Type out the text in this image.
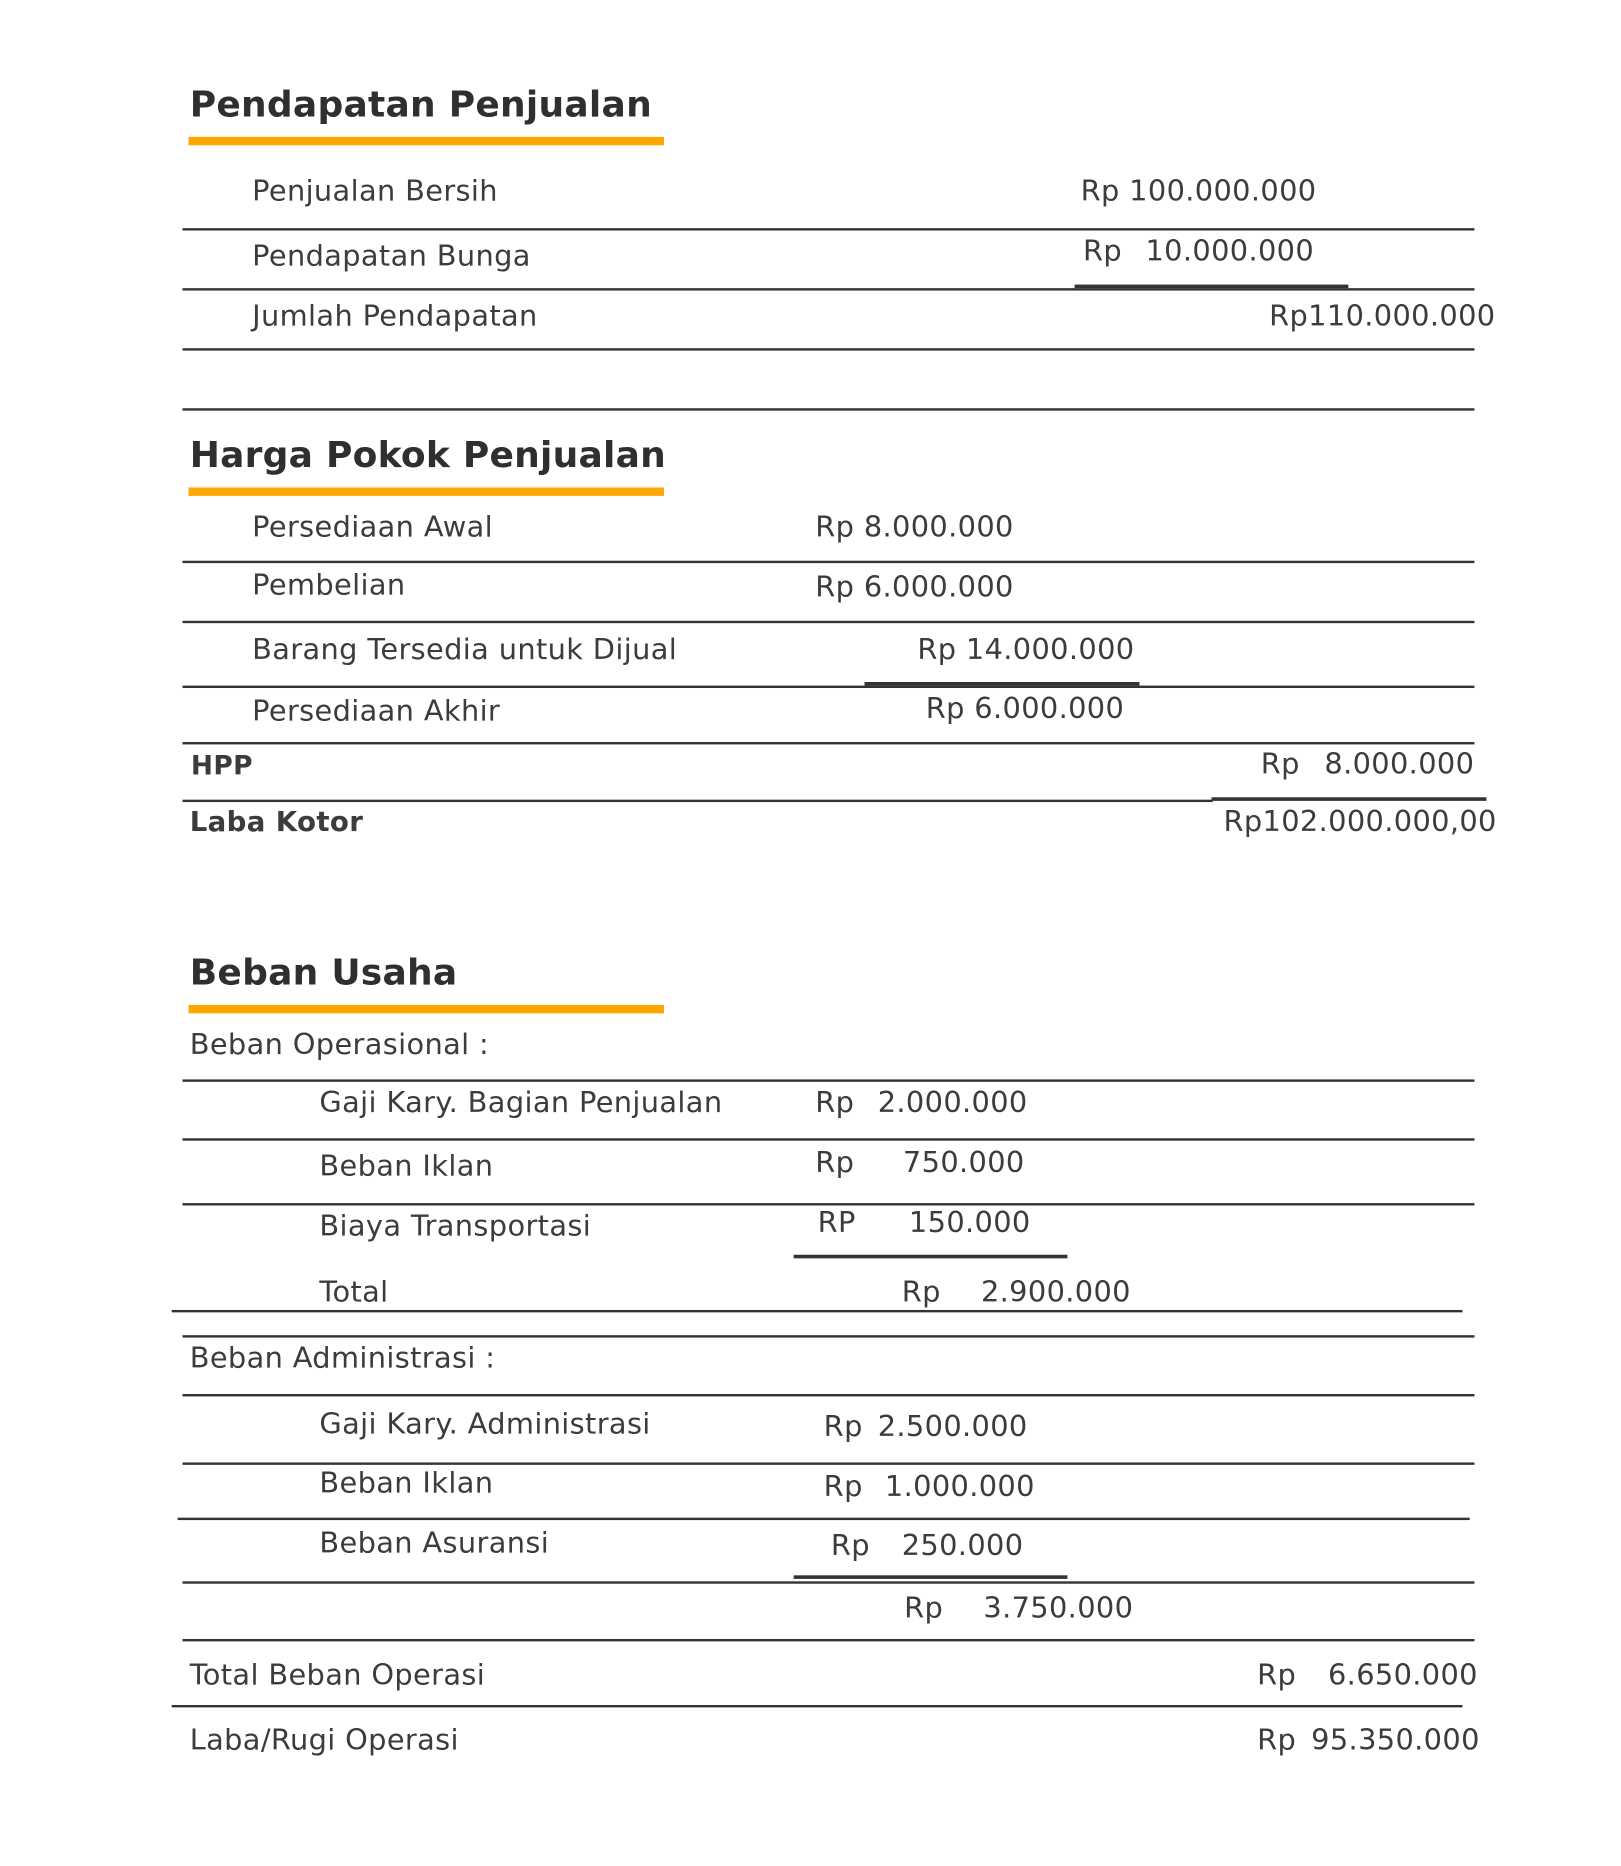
Pendapatan Penjualan
Penjualan Bersih	Rp 100.000.000
Pendapatan Bunga	Rp 10.000.000
Jumlah Pendapatan	Rp110.000.000
Harga Pokok Penjualan
Persediaan Awal	Rp 8.000.000
Pembelian	Rp 6.000.000
Barang Tersedia untuk Dijual	Rp 14.000.000
Persediaan Akhir	Rp 6.000.000
HPP	Rp 8.000.000
Laba Kotor	Rp102.000.000,00
Beban Usaha
Beban Operasional :
Gaji Kary. Bagian Penjualan	Rp 2.000.000
Beban Iklan	Rp 750.000
Biaya Transportasi	RP 150.000
Total	Rp 2.900.000
Beban Administrasi :
Gaji Kary. Administrasi	Rp 2.500.000
Beban Iklan	Rp 1.000.000
Beban Asuransi	Rp 250.000
Rp 3.750.000
Total Beban Operasi	Rp 6.650.000
Laba/Rugi Operasi	Rp 95.350.000
